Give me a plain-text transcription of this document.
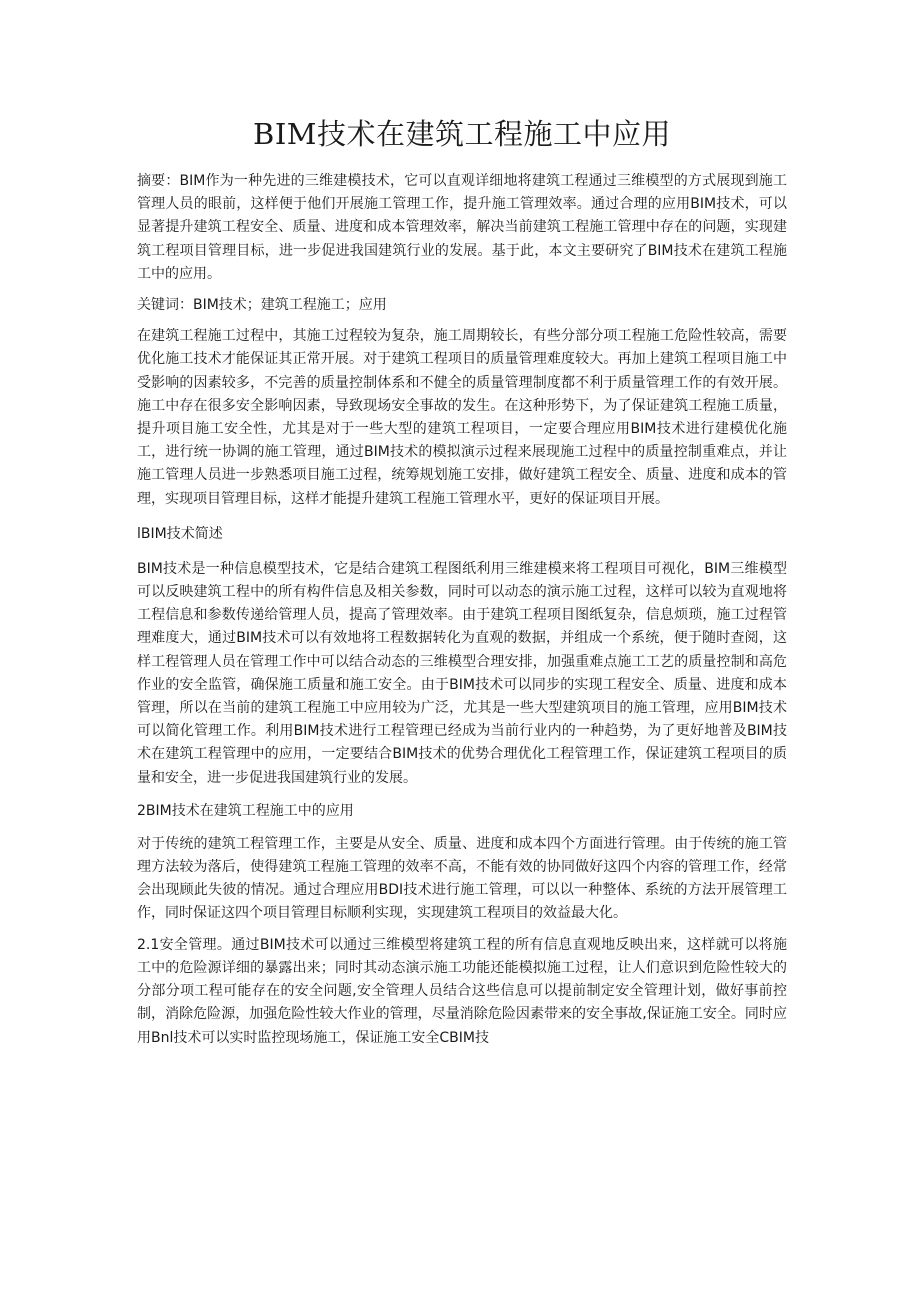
BIM技术在建筑工程施工中应用

摘要：BIM作为一种先进的三维建模技术，它可以直观详细地将建筑工程通过三维模型的方式展现到施工管理人员的眼前，这样便于他们开展施工管理工作，提升施工管理效率。通过合理的应用BIM技术，可以显著提升建筑工程安全、质量、进度和成本管理效率，解决当前建筑工程施工管理中存在的问题，实现建筑工程项目管理目标，进一步促进我国建筑行业的发展。基于此，本文主要研究了BIM技术在建筑工程施工中的应用。

关键词：BIM技术；建筑工程施工；应用

在建筑工程施工过程中，其施工过程较为复杂，施工周期较长，有些分部分项工程施工危险性较高，需要优化施工技术才能保证其正常开展。对于建筑工程项目的质量管理难度较大。再加上建筑工程项目施工中受影响的因素较多，不完善的质量控制体系和不健全的质量管理制度都不利于质量管理工作的有效开展。施工中存在很多安全影响因素，导致现场安全事故的发生。在这种形势下，为了保证建筑工程施工质量，提升项目施工安全性，尤其是对于一些大型的建筑工程项目，一定要合理应用BIM技术进行建模优化施工，进行统一协调的施工管理，通过BIM技术的模拟演示过程来展现施工过程中的质量控制重难点，并让施工管理人员进一步熟悉项目施工过程，统筹规划施工安排，做好建筑工程安全、质量、进度和成本的管理，实现项目管理目标，这样才能提升建筑工程施工管理水平，更好的保证项目开展。

lBIM技术简述

BIM技术是一种信息模型技术，它是结合建筑工程图纸利用三维建模来将工程项目可视化，BIM三维模型可以反映建筑工程中的所有构件信息及相关参数，同时可以动态的演示施工过程，这样可以较为直观地将工程信息和参数传递给管理人员，提高了管理效率。由于建筑工程项目图纸复杂，信息烦琐，施工过程管理难度大，通过BIM技术可以有效地将工程数据转化为直观的数据，并组成一个系统，便于随时查阅，这样工程管理人员在管理工作中可以结合动态的三维模型合理安排，加强重难点施工工艺的质量控制和高危作业的安全监管，确保施工质量和施工安全。由于BIM技术可以同步的实现工程安全、质量、进度和成本管理，所以在当前的建筑工程施工中应用较为广泛，尤其是一些大型建筑项目的施工管理，应用BIM技术可以简化管理工作。利用BIM技术进行工程管理已经成为当前行业内的一种趋势，为了更好地普及BIM技术在建筑工程管理中的应用，一定要结合BIM技术的优势合理优化工程管理工作，保证建筑工程项目的质量和安全，进一步促进我国建筑行业的发展。

2BIM技术在建筑工程施工中的应用

对于传统的建筑工程管理工作，主要是从安全、质量、进度和成本四个方面进行管理。由于传统的施工管理方法较为落后，使得建筑工程施工管理的效率不高，不能有效的协同做好这四个内容的管理工作，经常会出现顾此失彼的情况。通过合理应用BDI技术进行施工管理，可以以一种整体、系统的方法开展管理工作，同时保证这四个项目管理目标顺利实现，实现建筑工程项目的效益最大化。

2.1安全管理。通过BIM技术可以通过三维模型将建筑工程的所有信息直观地反映出来，这样就可以将施工中的危险源详细的暴露出来；同时其动态演示施工功能还能模拟施工过程，让人们意识到危险性较大的分部分项工程可能存在的安全问题,安全管理人员结合这些信息可以提前制定安全管理计划，做好事前控制，消除危险源，加强危险性较大作业的管理，尽量消除危险因素带来的安全事故,保证施工安全。同时应用Bnl技术可以实时监控现场施工，保证施工安全CBIM技
